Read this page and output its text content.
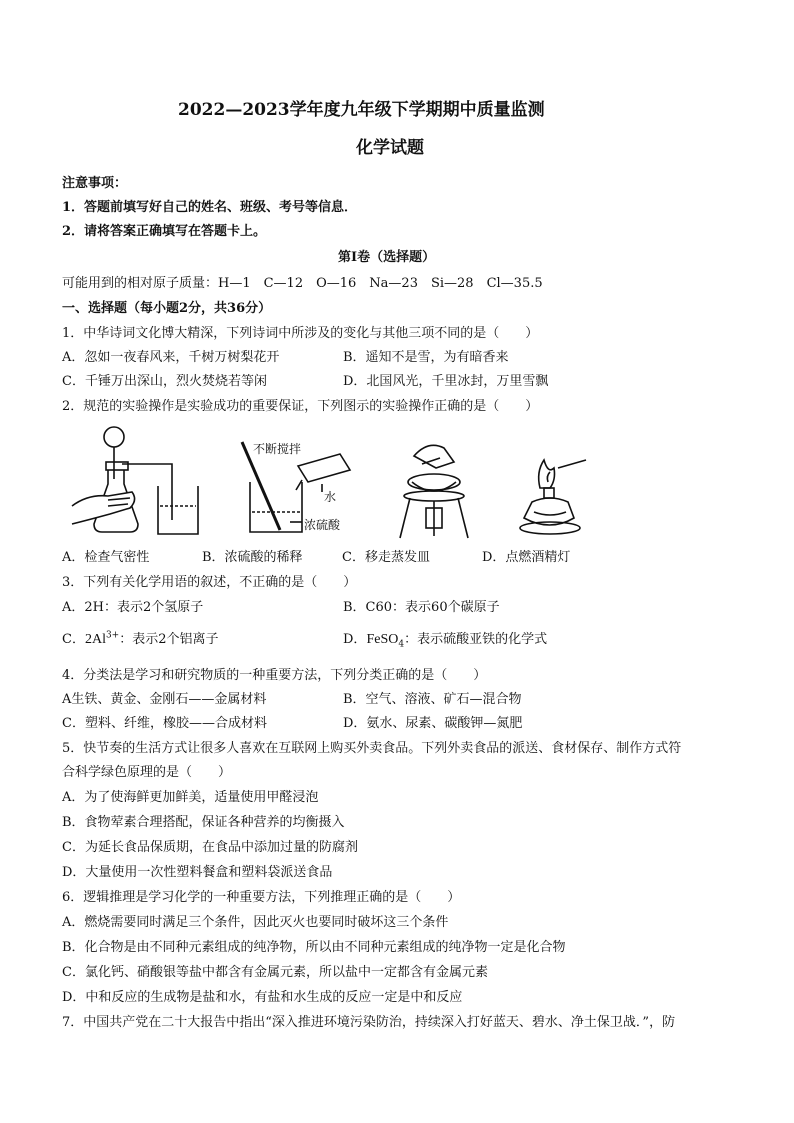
2022—2023学年度九年级下学期期中质量监测
化学试题
注意事项：
1．答题前填写好自己的姓名、班级、考号等信息．
2．请将答案正确填写在答题卡上。
第I卷（选择题）
可能用到的相对原子质量：H—1　C—12　O—16　Na—23　Si—28　Cl—35.5
一、选择题（每小题2分，共36分）
1．中华诗词文化博大精深，下列诗词中所涉及的变化与其他三项不同的是（　　）
A．忽如一夜春风来，千树万树梨花开	B．遥知不是雪，为有暗香来
C．千锤万出深山，烈火焚烧若等闲	D．北国风光，千里冰封，万里雪飘
2．规范的实验操作是实验成功的重要保证，下列图示的实验操作正确的是（　　）
不断搅拌
水
浓硫酸
A．检查气密性	B．浓硫酸的稀释	C．移走蒸发皿	D．点燃酒精灯
3．下列有关化学用语的叙述，不正确的是（　　）
A．2H：表示2个氢原子	B．C60：表示60个碳原子
C．$2Al^{3+}$：表示2个铝离子	D．FeSO$_4$：表示硫酸亚铁的化学式
4．分类法是学习和研究物质的一种重要方法，下列分类正确的是（　　）
A生铁、黄金、金刚石——金属材料	B．空气、溶液、矿石—混合物
C．塑料、纤维，橡胶——合成材料	D．氨水、尿素、碳酸钾—氮肥
5．快节奏的生活方式让很多人喜欢在互联网上购买外卖食品。下列外卖食品的派送、食材保存、制作方式符
合科学绿色原理的是（　　）
A．为了使海鲜更加鲜美，适量使用甲醛浸泡
B．食物荤素合理搭配，保证各种营养的均衡摄入
C．为延长食品保质期，在食品中添加过量的防腐剂
D．大量使用一次性塑料餐盒和塑料袋派送食品
6．逻辑推理是学习化学的一种重要方法，下列推理正确的是（　　）
A．燃烧需要同时满足三个条件，因此灭火也要同时破坏这三个条件
B．化合物是由不同种元素组成的纯净物，所以由不同种元素组成的纯净物一定是化合物
C．氯化钙、硝酸银等盐中都含有金属元素，所以盐中一定都含有金属元素
D．中和反应的生成物是盐和水，有盐和水生成的反应一定是中和反应
7．中国共产党在二十大报告中指出“深入推进环境污染防治，持续深入打好蓝天、碧水、净土保卫战．”，防
